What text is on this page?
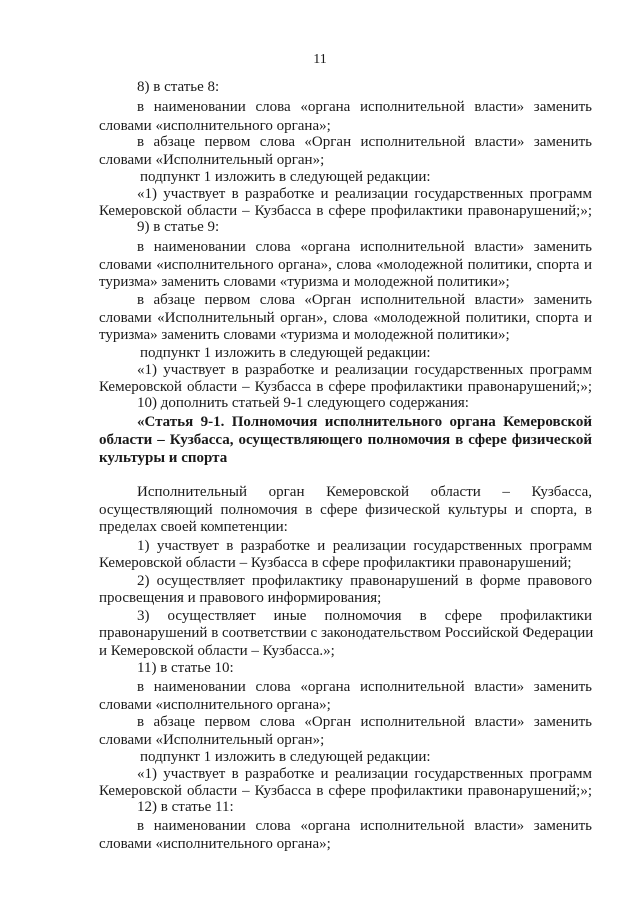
11
8) в статье 8:
в наименовании слова «органа исполнительной власти» заменить
словами «исполнительного органа»;
в абзаце первом слова «Орган исполнительной власти» заменить
словами «Исполнительный орган»;
подпункт 1 изложить в следующей редакции:
«1) участвует в разработке и реализации государственных программ
Кемеровской области – Кузбасса в сфере профилактики правонарушений;»;
9) в статье 9:
в наименовании слова «органа исполнительной власти» заменить
словами «исполнительного органа», слова «молодежной политики, спорта и
туризма» заменить словами «туризма и молодежной политики»;
в абзаце первом слова «Орган исполнительной власти» заменить
словами «Исполнительный орган», слова «молодежной политики, спорта и
туризма» заменить словами «туризма и молодежной политики»;
подпункт 1 изложить в следующей редакции:
«1) участвует в разработке и реализации государственных программ
Кемеровской области – Кузбасса в сфере профилактики правонарушений;»;
10) дополнить статьей 9-1 следующего содержания:
«Статья 9-1. Полномочия исполнительного органа Кемеровской
области – Кузбасса, осуществляющего полномочия в сфере физической
культуры и спорта
Исполнительный орган Кемеровской области – Кузбасса,
осуществляющий полномочия в сфере физической культуры и спорта, в
пределах своей компетенции:
1) участвует в разработке и реализации государственных программ
Кемеровской области – Кузбасса в сфере профилактики правонарушений;
2) осуществляет профилактику правонарушений в форме правового
просвещения и правового информирования;
3) осуществляет иные полномочия в сфере профилактики
правонарушений в соответствии с законодательством Российской Федерации
и Кемеровской области – Кузбасса.»;
11) в статье 10:
в наименовании слова «органа исполнительной власти» заменить
словами «исполнительного органа»;
в абзаце первом слова «Орган исполнительной власти» заменить
словами «Исполнительный орган»;
подпункт 1 изложить в следующей редакции:
«1) участвует в разработке и реализации государственных программ
Кемеровской области – Кузбасса в сфере профилактики правонарушений;»;
12) в статье 11:
в наименовании слова «органа исполнительной власти» заменить
словами «исполнительного органа»;
